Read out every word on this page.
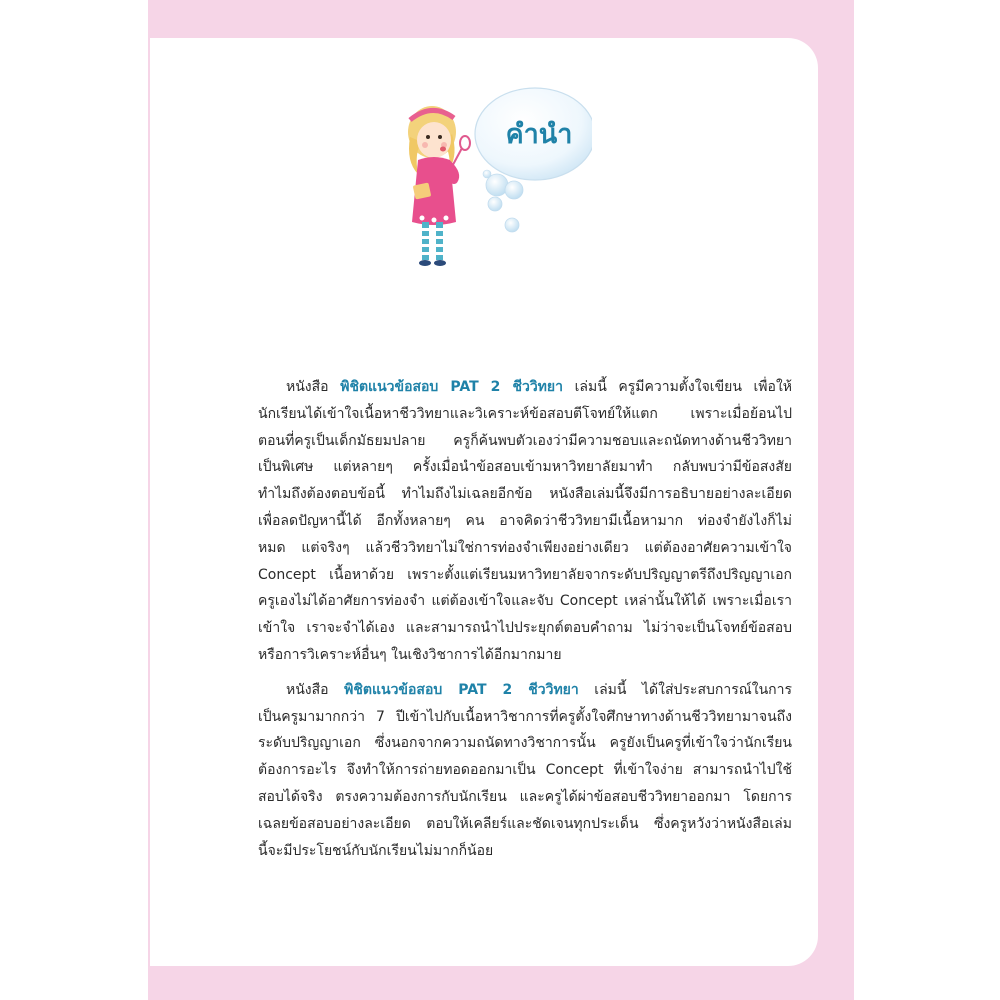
คำนำ
หนังสือ พิชิตแนวข้อสอบ PAT 2 ชีววิทยา เล่มนี้ ครูมีความตั้งใจเขียน เพื่อให้
นักเรียนได้เข้าใจเนื้อหาชีววิทยาและวิเคราะห์ข้อสอบตีโจทย์ให้แตก เพราะเมื่อย้อนไป
ตอนที่ครูเป็นเด็กมัธยมปลาย ครูก็ค้นพบตัวเองว่ามีความชอบและถนัดทางด้านชีววิทยา
เป็นพิเศษ แต่หลายๆ ครั้งเมื่อนำข้อสอบเข้ามหาวิทยาลัยมาทำ กลับพบว่ามีข้อสงสัย
ทำไมถึงต้องตอบข้อนี้ ทำไมถึงไม่เฉลยอีกข้อ หนังสือเล่มนี้จึงมีการอธิบายอย่างละเอียด
เพื่อลดปัญหานี้ได้ อีกทั้งหลายๆ คน อาจคิดว่าชีววิทยามีเนื้อหามาก ท่องจำยังไงก็ไม่
หมด แต่จริงๆ แล้วชีววิทยาไม่ใช่การท่องจำเพียงอย่างเดียว แต่ต้องอาศัยความเข้าใจ
Concept เนื้อหาด้วย เพราะตั้งแต่เรียนมหาวิทยาลัยจากระดับปริญญาตรีถึงปริญญาเอก
ครูเองไม่ได้อาศัยการท่องจำ แต่ต้องเข้าใจและจับ Concept เหล่านั้นให้ได้ เพราะเมื่อเรา
เข้าใจ เราจะจำได้เอง และสามารถนำไปประยุกต์ตอบคำถาม ไม่ว่าจะเป็นโจทย์ข้อสอบ
หรือการวิเคราะห์อื่นๆ ในเชิงวิชาการได้อีกมากมาย
หนังสือ พิชิตแนวข้อสอบ PAT 2 ชีววิทยา เล่มนี้ ได้ใส่ประสบการณ์ในการ
เป็นครูมามากกว่า 7 ปีเข้าไปกับเนื้อหาวิชาการที่ครูตั้งใจศึกษาทางด้านชีววิทยามาจนถึง
ระดับปริญญาเอก ซึ่งนอกจากความถนัดทางวิชาการนั้น ครูยังเป็นครูที่เข้าใจว่านักเรียน
ต้องการอะไร จึงทำให้การถ่ายทอดออกมาเป็น Concept ที่เข้าใจง่าย สามารถนำไปใช้
สอบได้จริง ตรงความต้องการกับนักเรียน และครูได้ผ่าข้อสอบชีววิทยาออกมา โดยการ
เฉลยข้อสอบอย่างละเอียด ตอบให้เคลียร์และชัดเจนทุกประเด็น ซึ่งครูหวังว่าหนังสือเล่ม
นี้จะมีประโยชน์กับนักเรียนไม่มากก็น้อย
